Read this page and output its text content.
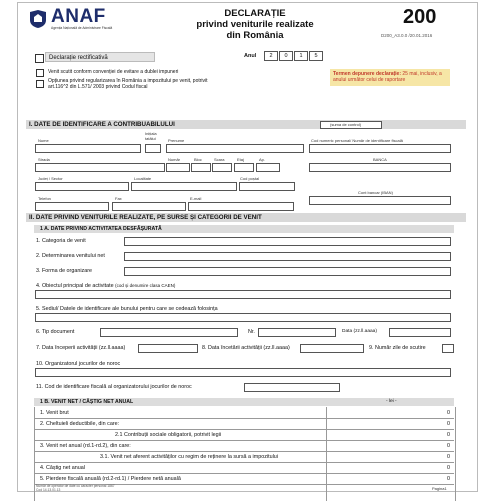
ANAF
Agenția Națională de Administrare Fiscală
DECLARAȚIE
privind veniturile realizate
din România
200
D200_A3.0.0 /20.01.2016
Anul	2	0	1	5
Declarație rectificativă
Venit scutit conform convenției de evitare a dublei impuneri
Opțiunea privind regularizarea în România a impozitului pe venit, potrivit art.116^2 din L.571/ 2003 privind Codul fiscal
Termen depunere declarație: 25 mai, inclusiv, a anului următor celui de raportare
I. DATE DE IDENTIFICARE A CONTRIBUABILULUI	(suma de control)
Nume
Inițiala tatălui	Prenume	Cod numeric personal/ Număr de identificare fiscală
Strada	Număr	Bloc	Scara	Etaj	Ap.	BANCA
Județ / Sector	Localitate	Cod poștal
Telefon	Fax	E-mail
Cont bancar (IBAN)
II. DATE PRIVIND VENITURILE REALIZATE, PE SURSE ȘI CATEGORII DE VENIT
1 A. DATE PRIVIND ACTIVITATEA DESFĂȘURATĂ
1. Categoria de venit
2. Determinarea venitului net
3. Forma de organizare
4. Obiectul principal de activitate (cod și denumire clasa CAEN)
5. Sediul/ Datele de identificare ale bunului pentru care se cedează folosința
6. Tip document	Nr.	Data (zz.ll.aaaa)
7. Data începerii activității (zz.ll.aaaa)	8. Data încetării activității (zz.ll.aaaa)	9. Număr zile de scutire
10. Organizatorul jocurilor de noroc
11. Cod de identificare fiscală al organizatorului jocurilor de noroc
1 B. VENIT NET / CÂȘTIG NET ANUAL	- lei -
1. Venit brut	0
2. Cheltuieli deductibile, din care:	0
2.1 Contribuții sociale obligatorii, potrivit legii	0
3. Venit net anual (rd.1-rd.2), din care:	0
3.1. Venit net aferent activităților cu regim de reținere la sursă a impozitului	0
4. Câștig net anual	0
5. Pierdere fiscală anuală (rd.2-rd.1) / Pierdere netă anuală	0
Număr de operator de date cu caracter personal 1867
Cod 14.13.01.13	Pagina1
